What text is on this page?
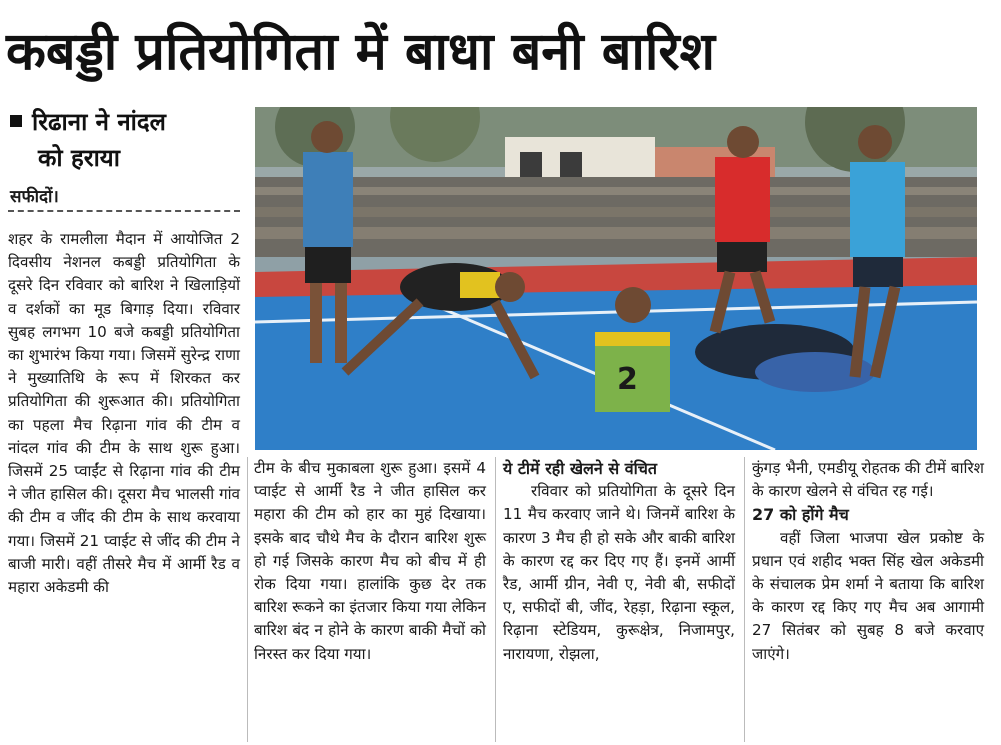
कबड्डी प्रतियोगिता में बाधा बनी बारिश
रिढाना ने नांदल
को हराया
सफीदों।
2

शहर के रामलीला मैदान में आयोजित 2 दिवसीय नेशनल कबड्डी प्रतियोगिता के दूसरे दिन रविवार को बारिश ने खिलाड़ियों व दर्शकों का मूड बिगाड़ दिया। रविवार सुबह लगभग 10 बजे कबड्डी प्रतियोगिता का शुभारंभ किया गया। जिसमें सुरेन्द्र राणा ने मुख्यातिथि के रूप में शिरकत कर प्रतियोगिता की शुरूआत की। प्रतियोगिता का पहला मैच रिढ़ाना गांव की टीम व नांदल गांव की टीम के साथ शुरू हुआ। जिसमें 25 प्वाईंट से रिढ़ाना गांव की टीम ने जीत हासिल की। दूसरा मैच भालसी गांव की टीम व जींद की टीम के साथ करवाया गया। जिसमें 21 प्वाईट से जींद की टीम ने बाजी मारी। वहीं तीसरे मैच में आर्मी रैड व महारा अकेडमी की

टीम के बीच मुकाबला शुरू हुआ। इसमें 4 प्वाईट से आर्मी रैड ने जीत हासिल कर महारा की टीम को हार का मुहं दिखाया। इसके बाद चौथे मैच के दौरान बारिश शुरू हो गई जिसके कारण मैच को बीच में ही रोक दिया गया। हालांकि कुछ देर तक बारिश रूकने का इंतजार किया गया लेकिन बारिश बंद न होने के कारण बाकी मैचों को निरस्त कर दिया गया।

ये टीमें रही खेलने से वंचित

रविवार को प्रतियोगिता के दूसरे दिन 11 मैच करवाए जाने थे। जिनमें बारिश के कारण 3 मैच ही हो सके और बाकी बारिश के कारण रद्द कर दिए गए हैं। इनमें आर्मी रैड, आर्मी ग्रीन, नेवी ए, नेवी बी, सफीदों ए, सफीदों बी, जींद, रेहड़ा, रिढ़ाना स्कूल, रिढ़ाना स्टेडियम, कुरूक्षेत्र, निजामपुर, नारायणा, रोझला,

कुंगड़ भैनी, एमडीयू रोहतक की टीमें बारिश के कारण खेलने से वंचित रह गई।

27 को होंगे मैच

वहीं जिला भाजपा खेल प्रकोष्ट के प्रधान एवं शहीद भक्त सिंह खेल अकेडमी के संचालक प्रेम शर्मा ने बताया कि बारिश के कारण रद्द किए गए मैच अब आगामी 27 सितंबर को सुबह 8 बजे करवाए जाएंगे।
